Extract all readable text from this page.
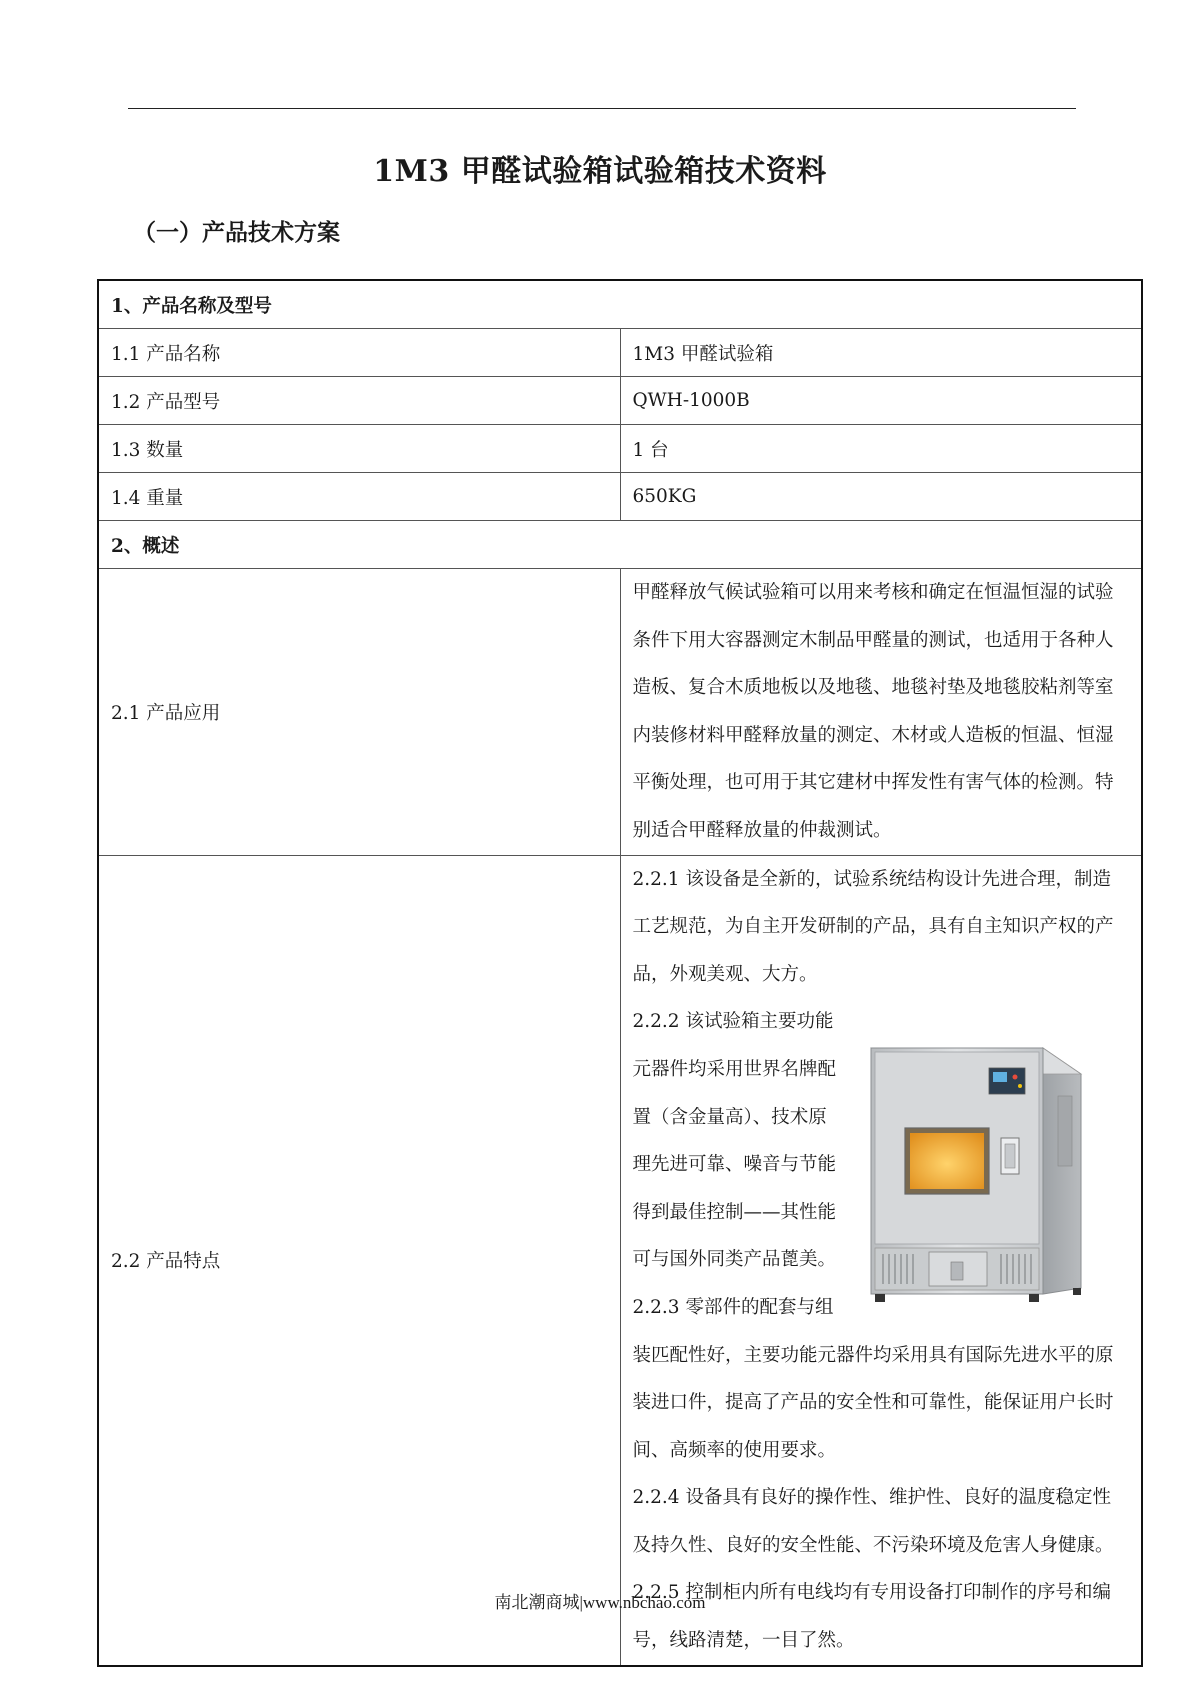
1M3 甲醛试验箱试验箱技术资料
（一）产品技术方案
1、产品名称及型号	
1.1 产品名称	1M3 甲醛试验箱
1.2 产品型号	QWH-1000B
1.3 数量	1 台
1.4 重量	650KG
2、概述	
2.1 产品应用	甲醛释放气候试验箱可以用来考核和确定在恒温恒湿的试验条件下用大容器测定木制品甲醛量的测试，也适用于各种人造板、复合木质地板以及地毯、地毯衬垫及地毯胶粘剂等室内装修材料甲醛释放量的测定、木材或人造板的恒温、恒湿平衡处理，也可用于其它建材中挥发性有害气体的检测。特别适合甲醛释放量的仲裁测试。
2.2 产品特点	2.2.1 该设备是全新的，试验系统结构设计先进合理，制造工艺规范，为自主开发研制的产品，具有自主知识产权的产品，外观美观、大方。

2.2.2 该试验箱主要功能元器件均采用世界名牌配置（含金量高）、技术原理先进可靠、噪音与节能得到最佳控制——其性能可与国外同类产品蓖美。

2.2.3 零部件的配套与组装匹配性好，主要功能元器件均采用具有国际先进水平的原装进口件，提高了产品的安全性和可靠性，能保证用户长时间、高频率的使用要求。

2.2.4 设备具有良好的操作性、维护性、良好的温度稳定性及持久性、良好的安全性能、不污染环境及危害人身健康。

2.2.5 控制柜内所有电线均有专用设备打印制作的序号和编号，线路清楚，一目了然。

南北潮商城|www.nbchao.com
